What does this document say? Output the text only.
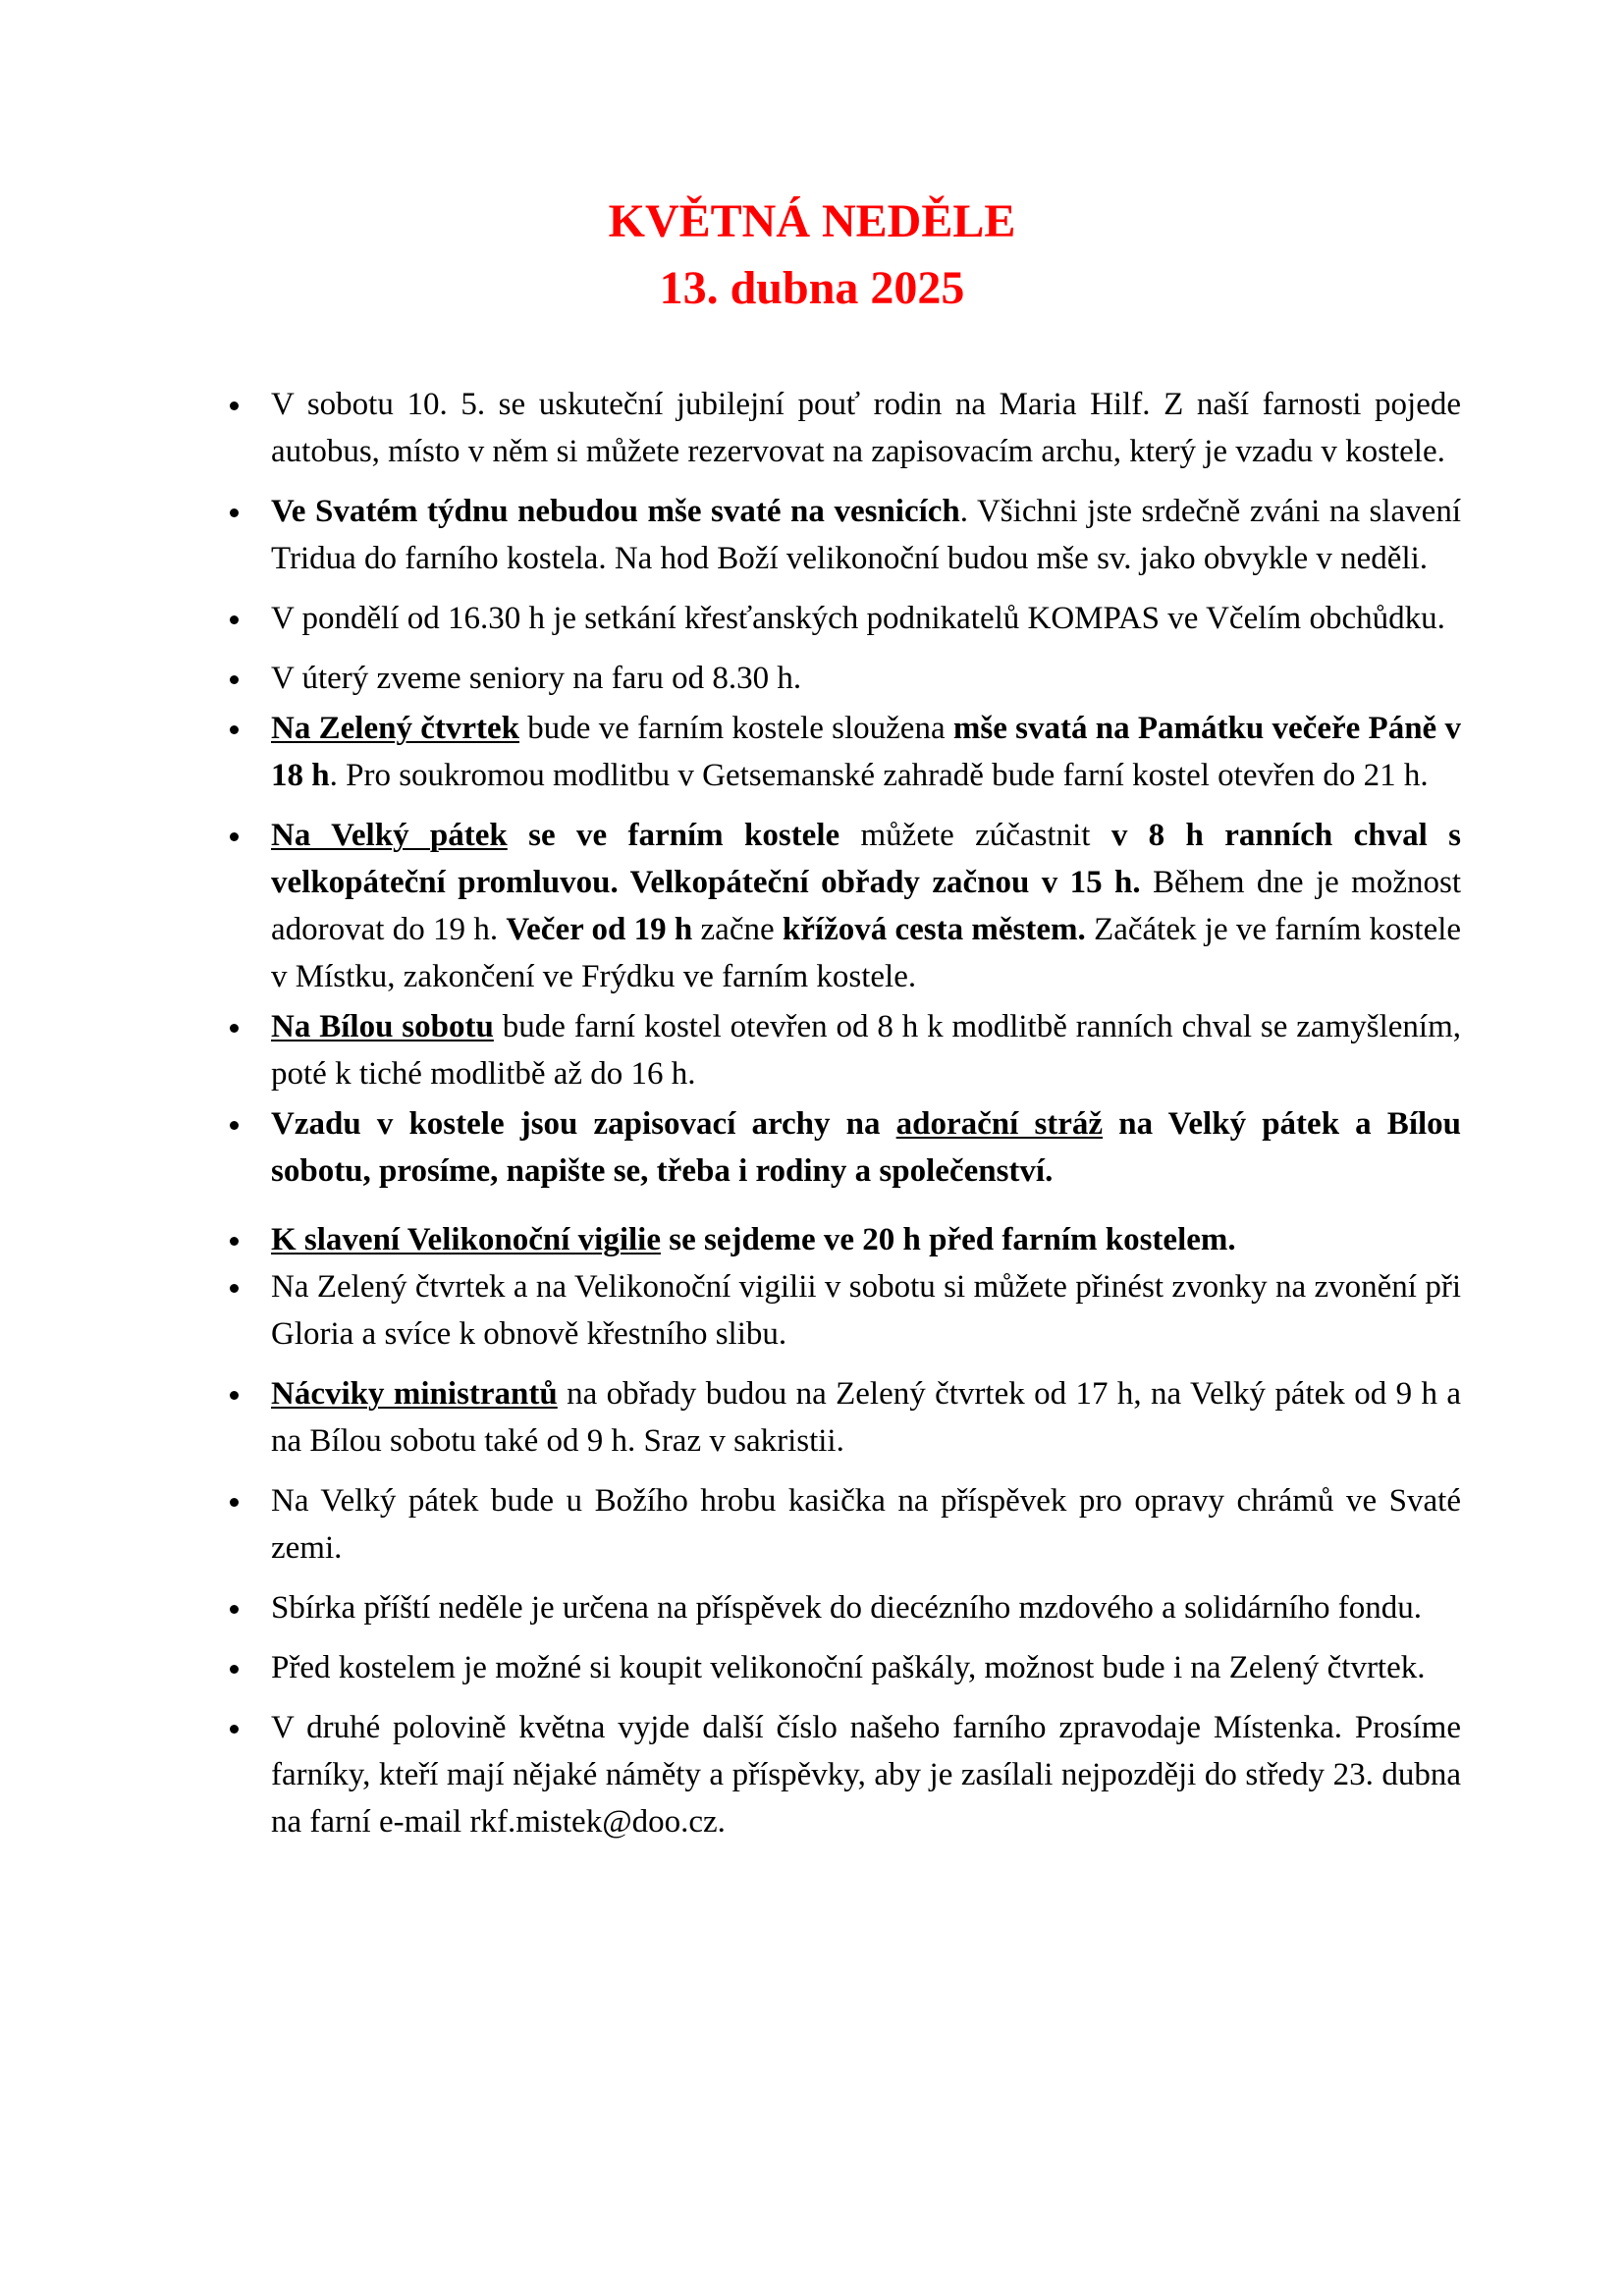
KVĚTNÁ NEDĚLE
13. dubna 2025
V sobotu 10. 5. se uskuteční jubilejní pouť rodin na Maria Hilf. Z naší farnosti pojede autobus, místo v něm si můžete rezervovat na zapisovacím archu, který je vzadu v kostele.
Ve Svatém týdnu nebudou mše svaté na vesnicích. Všichni jste srdečně zváni na slavení Tridua do farního kostela. Na hod Boží velikonoční budou mše sv. jako obvykle v neděli.
V pondělí od 16.30 h je setkání křesťanských podnikatelů KOMPAS ve Včelím obchůdku.
V úterý zveme seniory na faru od 8.30 h.
Na Zelený čtvrtek bude ve farním kostele sloužena mše svatá na Památku večeře Páně v 18 h. Pro soukromou modlitbu v Getsemanské zahradě bude farní kostel otevřen do 21 h.
Na Velký pátek se ve farním kostele můžete zúčastnit v 8 h ranních chval s velkopáteční promluvou. Velkopáteční obřady začnou v 15 h. Během dne je možnost adorovat do 19 h. Večer od 19 h začne křížová cesta městem. Začátek je ve farním kostele v Místku, zakončení ve Frýdku ve farním kostele.
Na Bílou sobotu bude farní kostel otevřen od 8 h k modlitbě ranních chval se zamyšlením, poté k tiché modlitbě až do 16 h.
Vzadu v kostele jsou zapisovací archy na adorační stráž na Velký pátek a Bílou sobotu, prosíme, napište se, třeba i rodiny a společenství.
K slavení Velikonoční vigilie se sejdeme ve 20 h před farním kostelem.
Na Zelený čtvrtek a na Velikonoční vigilii v sobotu si můžete přinést zvonky na zvonění při Gloria a svíce k obnově křestního slibu.
Nácviky ministrantů na obřady budou na Zelený čtvrtek od 17 h, na Velký pátek od 9 h a na Bílou sobotu také od 9 h. Sraz v sakristii.
Na Velký pátek bude u Božího hrobu kasička na příspěvek pro opravy chrámů ve Svaté zemi.
Sbírka příští neděle je určena na příspěvek do diecézního mzdového a solidárního fondu.
Před kostelem je možné si koupit velikonoční paškály, možnost bude i na Zelený čtvrtek.
V druhé polovině května vyjde další číslo našeho farního zpravodaje Místenka. Prosíme farníky, kteří mají nějaké náměty a příspěvky, aby je zasílali nejpozději do středy 23. dubna na farní e-mail rkf.mistek@doo.cz.
